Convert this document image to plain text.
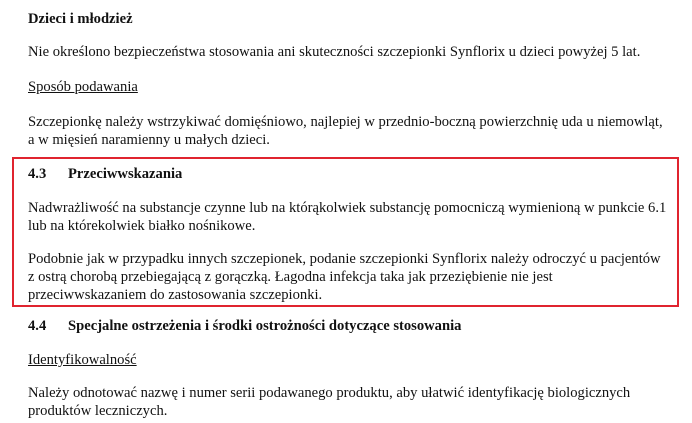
Dzieci i młodzież
Nie określono bezpieczeństwa stosowania ani skuteczności szczepionki Synflorix u dzieci powyżej 5 lat.
Sposób podawania
Szczepionkę należy wstrzykiwać domięśniowo, najlepiej w przednio-boczną powierzchnię uda u niemowląt,
a w mięsień naramienny u małych dzieci.
4.3 Przeciwwskazania
Nadwrażliwość na substancje czynne lub na którąkolwiek substancję pomocniczą wymienioną w punkcie 6.1
lub na którekolwiek białko nośnikowe.
Podobnie jak w przypadku innych szczepionek, podanie szczepionki Synflorix należy odroczyć u pacjentów
z ostrą chorobą przebiegającą z gorączką. Łagodna infekcja taka jak przeziębienie nie jest
przeciwwskazaniem do zastosowania szczepionki.
4.4 Specjalne ostrzeżenia i środki ostrożności dotyczące stosowania
Identyfikowalność
Należy odnotować nazwę i numer serii podawanego produktu, aby ułatwić identyfikację biologicznych
produktów leczniczych.
